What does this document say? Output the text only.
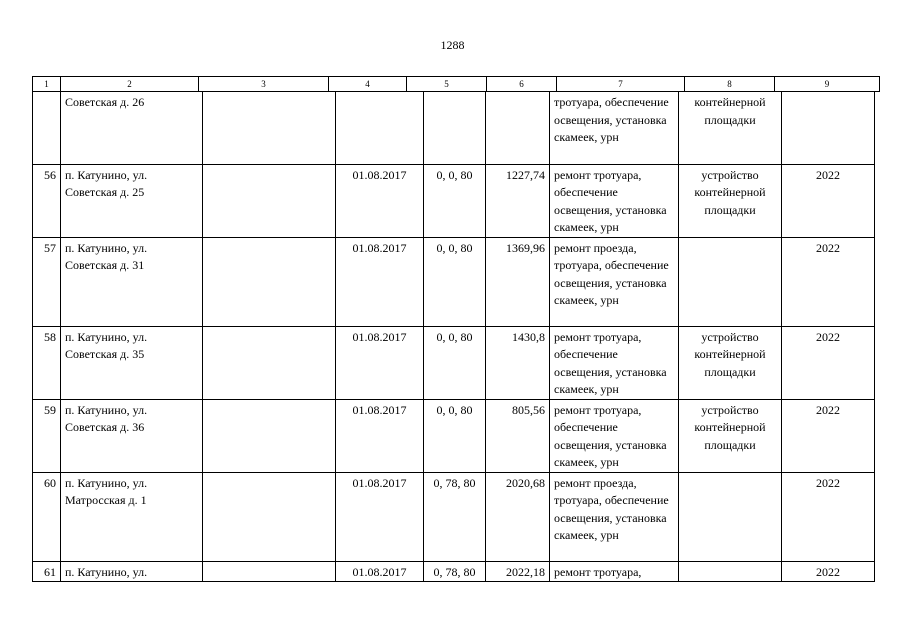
1288
1	2	3	4	5	6	7	8	9
	Советская д. 26					тротуара, обеспечение освещения, установка скамеек, урн	контейнерной площадки	
56	п. Катунино, ул. Советская д. 25		01.08.2017	0, 0, 80	1227,74	ремонт тротуара, обеспечение освещения, установка скамеек, урн	устройство контейнерной площадки	2022
57	п. Катунино, ул. Советская д. 31		01.08.2017	0, 0, 80	1369,96	ремонт проезда, тротуара, обеспечение освещения, установка скамеек, урн		2022
58	п. Катунино, ул. Советская д. 35		01.08.2017	0, 0, 80	1430,8	ремонт тротуара, обеспечение освещения, установка скамеек, урн	устройство контейнерной площадки	2022
59	п. Катунино, ул. Советская д. 36		01.08.2017	0, 0, 80	805,56	ремонт тротуара, обеспечение освещения, установка скамеек, урн	устройство контейнерной площадки	2022
60	п. Катунино, ул. Матросская д. 1		01.08.2017	0, 78, 80	2020,68	ремонт проезда, тротуара, обеспечение освещения, установка скамеек, урн		2022
61	п. Катунино, ул.		01.08.2017	0, 78, 80	2022,18	ремонт тротуара,		2022
